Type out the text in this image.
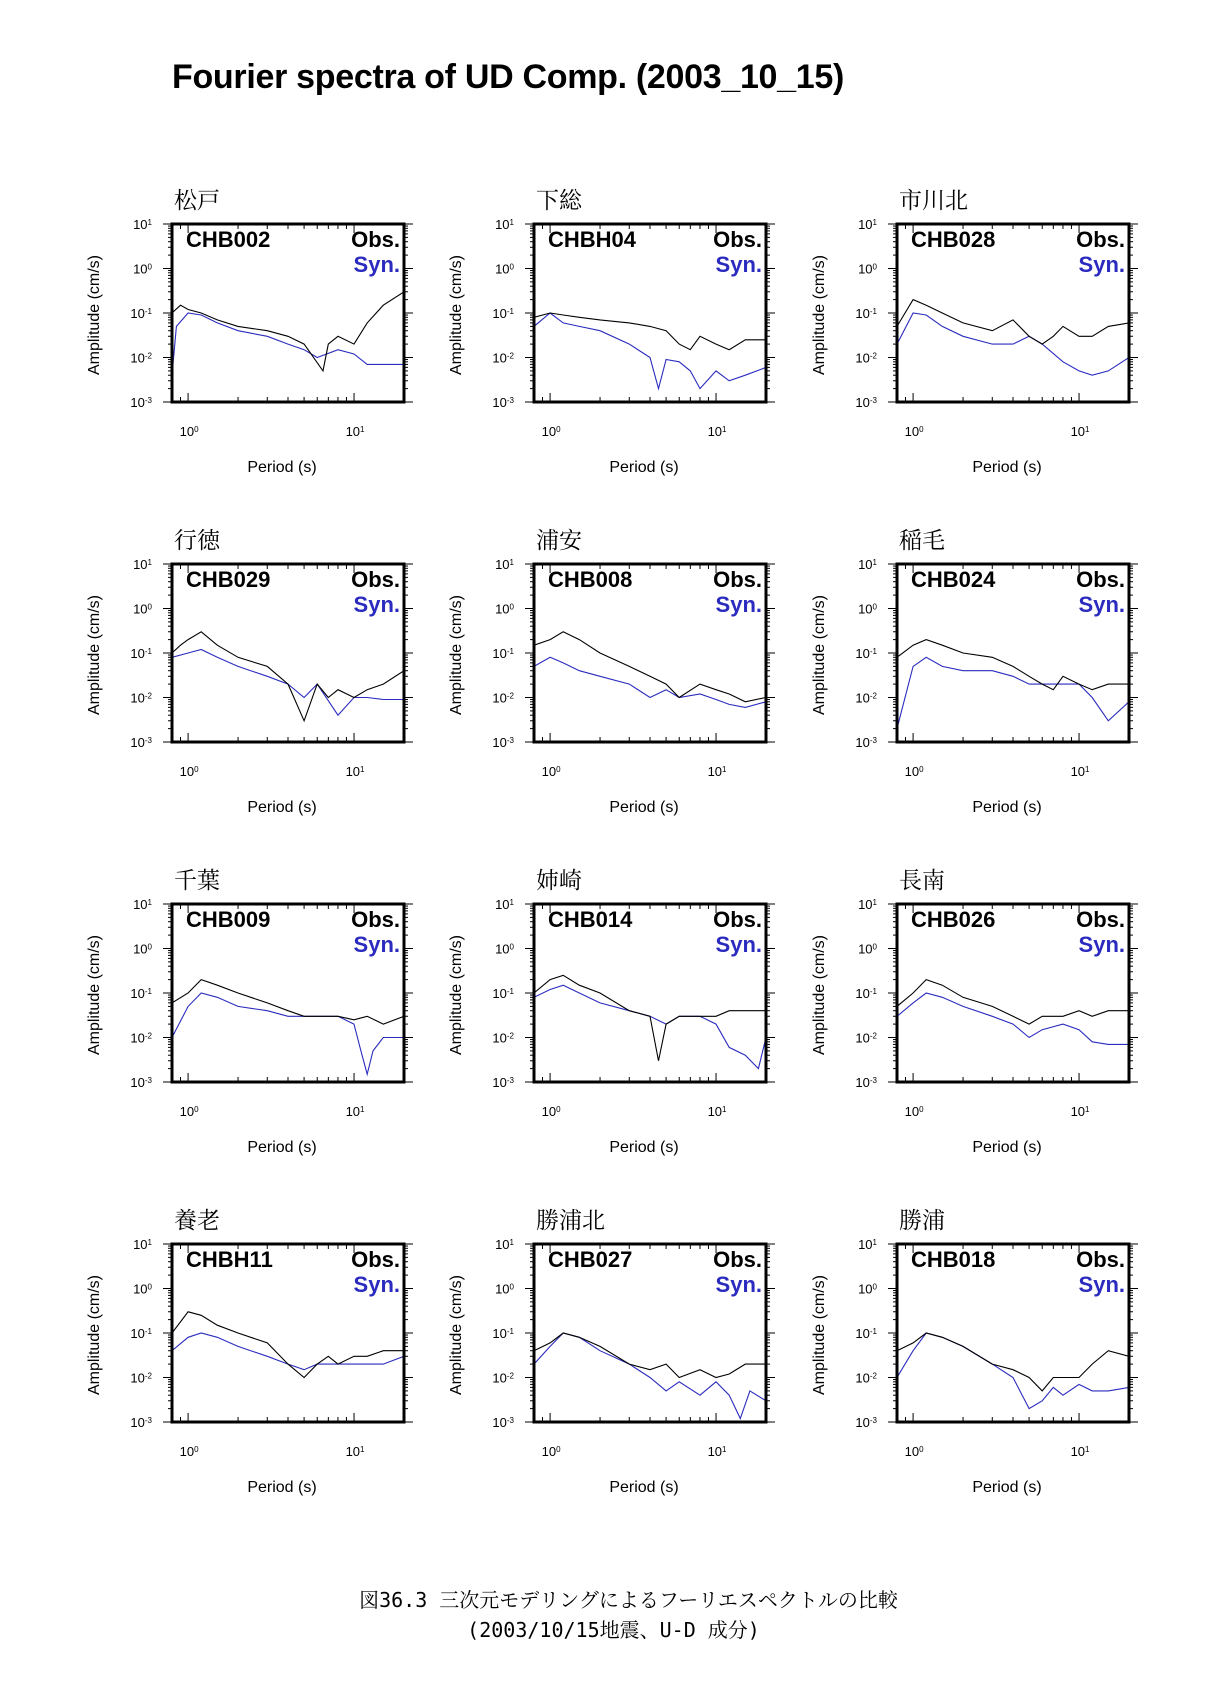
Fourier spectra of UD Comp. (2003_10_15)
松戸
$10^1$
$10^0$
$10^{-1}$
$10^{-2}$
$10^{-3}$
$10^0$	$10^1$
Period (s)
Amplitude (cm/s)
CHB002	Obs.
Syn.
下総
$10^1$
$10^0$
$10^{-1}$
$10^{-2}$
$10^{-3}$
$10^0$	$10^1$
Period (s)
Amplitude (cm/s)
CHBH04	Obs.
Syn.
市川北
$10^1$
$10^0$
$10^{-1}$
$10^{-2}$
$10^{-3}$
$10^0$	$10^1$
Period (s)
Amplitude (cm/s)
CHB028	Obs.
Syn.
行徳
$10^1$
$10^0$
$10^{-1}$
$10^{-2}$
$10^{-3}$
$10^0$	$10^1$
Period (s)
Amplitude (cm/s)
CHB029	Obs.
Syn.
浦安
$10^1$
$10^0$
$10^{-1}$
$10^{-2}$
$10^{-3}$
$10^0$	$10^1$
Period (s)
Amplitude (cm/s)
CHB008	Obs.
Syn.
稲毛
$10^1$
$10^0$
$10^{-1}$
$10^{-2}$
$10^{-3}$
$10^0$	$10^1$
Period (s)
Amplitude (cm/s)
CHB024	Obs.
Syn.
千葉
$10^1$
$10^0$
$10^{-1}$
$10^{-2}$
$10^{-3}$
$10^0$	$10^1$
Period (s)
Amplitude (cm/s)
CHB009	Obs.
Syn.
姉崎
$10^1$
$10^0$
$10^{-1}$
$10^{-2}$
$10^{-3}$
$10^0$	$10^1$
Period (s)
Amplitude (cm/s)
CHB014	Obs.
Syn.
長南
$10^1$
$10^0$
$10^{-1}$
$10^{-2}$
$10^{-3}$
$10^0$	$10^1$
Period (s)
Amplitude (cm/s)
CHB026	Obs.
Syn.
養老
$10^1$
$10^0$
$10^{-1}$
$10^{-2}$
$10^{-3}$
$10^0$	$10^1$
Period (s)
Amplitude (cm/s)
CHBH11	Obs.
Syn.
勝浦北
$10^1$
$10^0$
$10^{-1}$
$10^{-2}$
$10^{-3}$
$10^0$	$10^1$
Period (s)
Amplitude (cm/s)
CHB027	Obs.
Syn.
勝浦
$10^1$
$10^0$
$10^{-1}$
$10^{-2}$
$10^{-3}$
$10^0$	$10^1$
Period (s)
Amplitude (cm/s)
CHB018	Obs.
Syn.
図36.3 三次元モデリングによるフーリエスペクトルの比較
(2003/10/15地震、U-D 成分)
